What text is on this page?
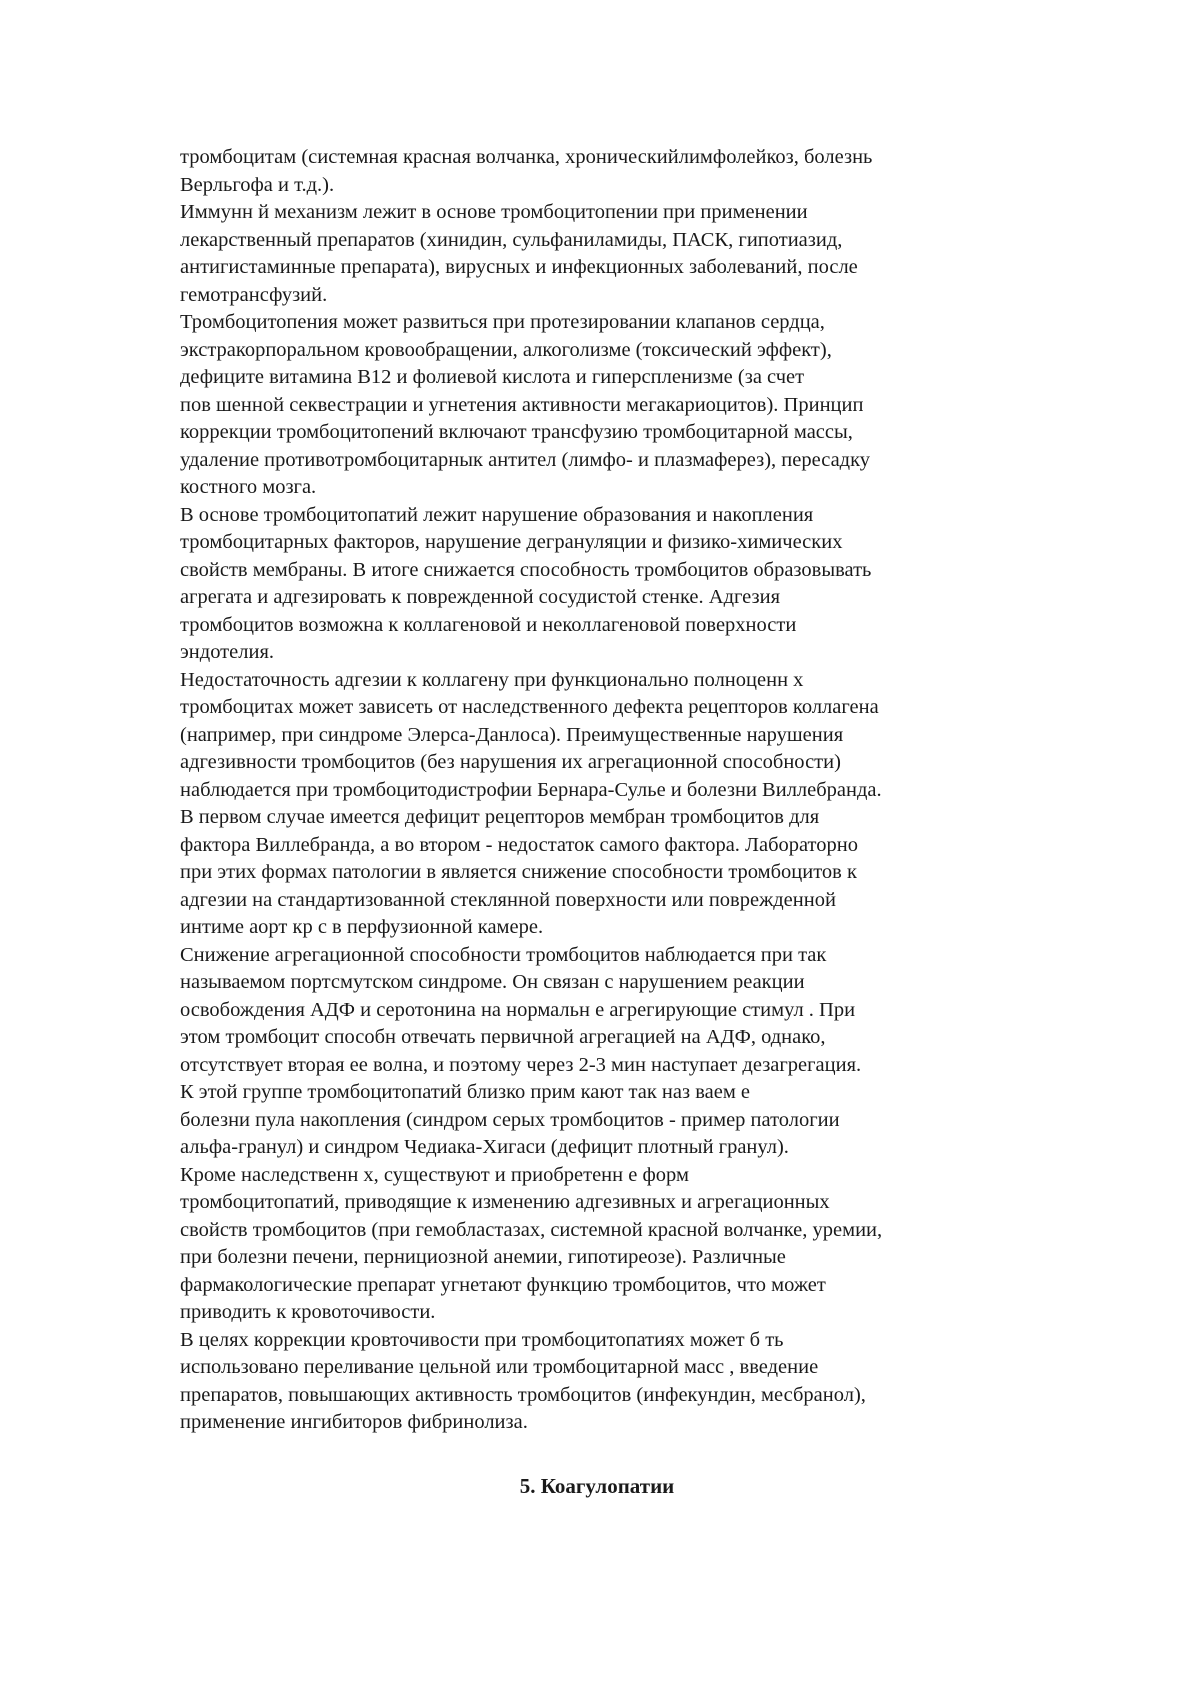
тромбоцитам (системная красная волчанка, хроническийлимфолейкоз, болезнь
Верльгофа и т.д.).

Иммунн й механизм лежит в основе тромбоцитопении при применении
лекарственный препаратов (хинидин, сульфаниламиды, ПАСК, гипотиазид,
антигистаминные препарата), вирусных и инфекционных заболеваний, после
гемотрансфузий.

Тромбоцитопения может развиться при протезировании клапанов сердца,
экстракорпоральном кровообращении, алкоголизме (токсический эффект),
дефиците витамина B12 и фолиевой кислота и гиперспленизме (за счет
пов шенной секвестрации и угнетения активности мегакариоцитов). Принцип
коррекции тромбоцитопений включают трансфузию тромбоцитарной массы,
удаление противотромбоцитарнык антител (лимфо- и плазмаферез), пересадку
костного мозга.

В основе тромбоцитопатий лежит нарушение образования и накопления
тромбоцитарных факторов, нарушение дегрануляции и физико-химических
свойств мембраны. В итоге снижается способность тромбоцитов образовывать
агрегата и адгезировать к поврежденной сосудистой стенке. Адгезия
тромбоцитов возможна к коллагеновой и неколлагеновой поверхности
эндотелия.

Недостаточность адгезии к коллагену при функционально полноценн х
тромбоцитах может зависеть от наследственного дефекта рецепторов коллагена
(например, при синдроме Элерса-Данлоса). Преимущественные нарушения
адгезивности тромбоцитов (без нарушения их агрегационной способности)
наблюдается при тромбоцитодистрофии Бернара-Сулье и болезни Виллебранда.
В первом случае имеется дефицит рецепторов мембран тромбоцитов для
фактора Виллебранда, а во втором - недостаток самого фактора. Лабораторно
при этих формах патологии в является снижение способности тромбоцитов к
адгезии на стандартизованной стеклянной поверхности или поврежденной
интиме аорт кр с в перфузионной камере.

Снижение агрегационной способности тромбоцитов наблюдается при так
называемом портсмутском синдроме. Он связан с нарушением реакции
освобождения АДФ и серотонина на нормальн е агрегирующие стимул . При
этом тромбоцит способн отвечать первичной агрегацией на АДФ, однако,
отсутствует вторая ее волна, и поэтому через 2-3 мин наступает дезагрегация.

К этой группе тромбоцитопатий близко прим кают так наз ваем е
болезни пула накопления (синдром серых тромбоцитов - пример патологии
альфа-гранул) и синдром Чедиака-Хигаси (дефицит плотный гранул).

Кроме наследственн х, существуют и приобретенн е форм
тромбоцитопатий, приводящие к изменению адгезивных и агрегационных
свойств тромбоцитов (при гемобластазах, системной красной волчанке, уремии,
при болезни печени, пернициозной анемии, гипотиреозе). Различные
фармакологические препарат угнетают функцию тромбоцитов, что может
приводить к кровоточивости.

В целях коррекции кровточивости при тромбоцитопатиях может б ть
использовано переливание цельной или тромбоцитарной масс , введение
препаратов, повышающих активность тромбоцитов (инфекундин, месбранол),
применение ингибиторов фибринолиза.

5. Коагулопатии
